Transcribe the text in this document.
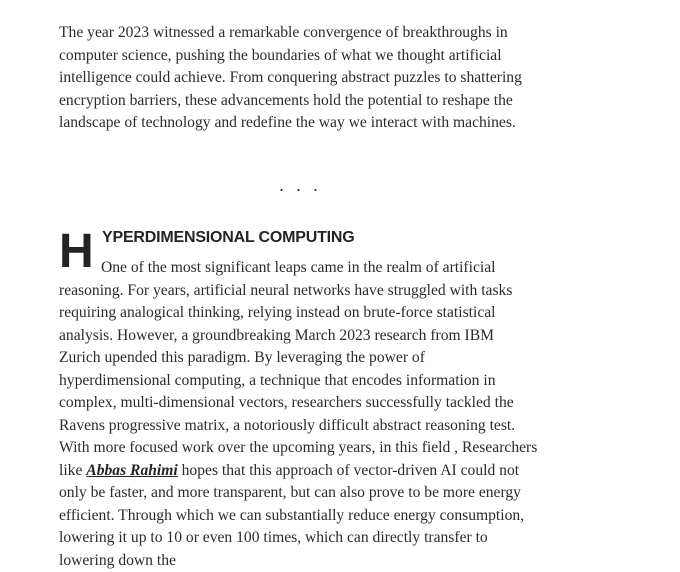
The year 2023 witnessed a remarkable convergence of breakthroughs in computer science, pushing the boundaries of what we thought artificial intelligence could achieve. From conquering abstract puzzles to shattering encryption barriers, these advancements hold the potential to reshape the landscape of technology and redefine the way we interact with machines.

...
H YPERDIMENSIONAL COMPUTING

One of the most significant leaps came in the realm of artificial reasoning. For years, artificial neural networks have struggled with tasks requiring analogical thinking, relying instead on brute-force statistical analysis. However, a groundbreaking March 2023 research from IBM Zurich upended this paradigm. By leveraging the power of hyperdimensional computing, a technique that encodes information in complex, multi-dimensional vectors, researchers successfully tackled the Ravens progressive matrix, a notoriously difficult abstract reasoning test. With more focused work over the upcoming years, in this field , Researchers like Abbas Rahimi hopes that this approach of vector-driven AI could not only be faster, and more transparent, but can also prove to be more energy efficient. Through which we can substantially reduce energy consumption, lowering it up to 10 or even 100 times, which can directly transfer to lowering down the
